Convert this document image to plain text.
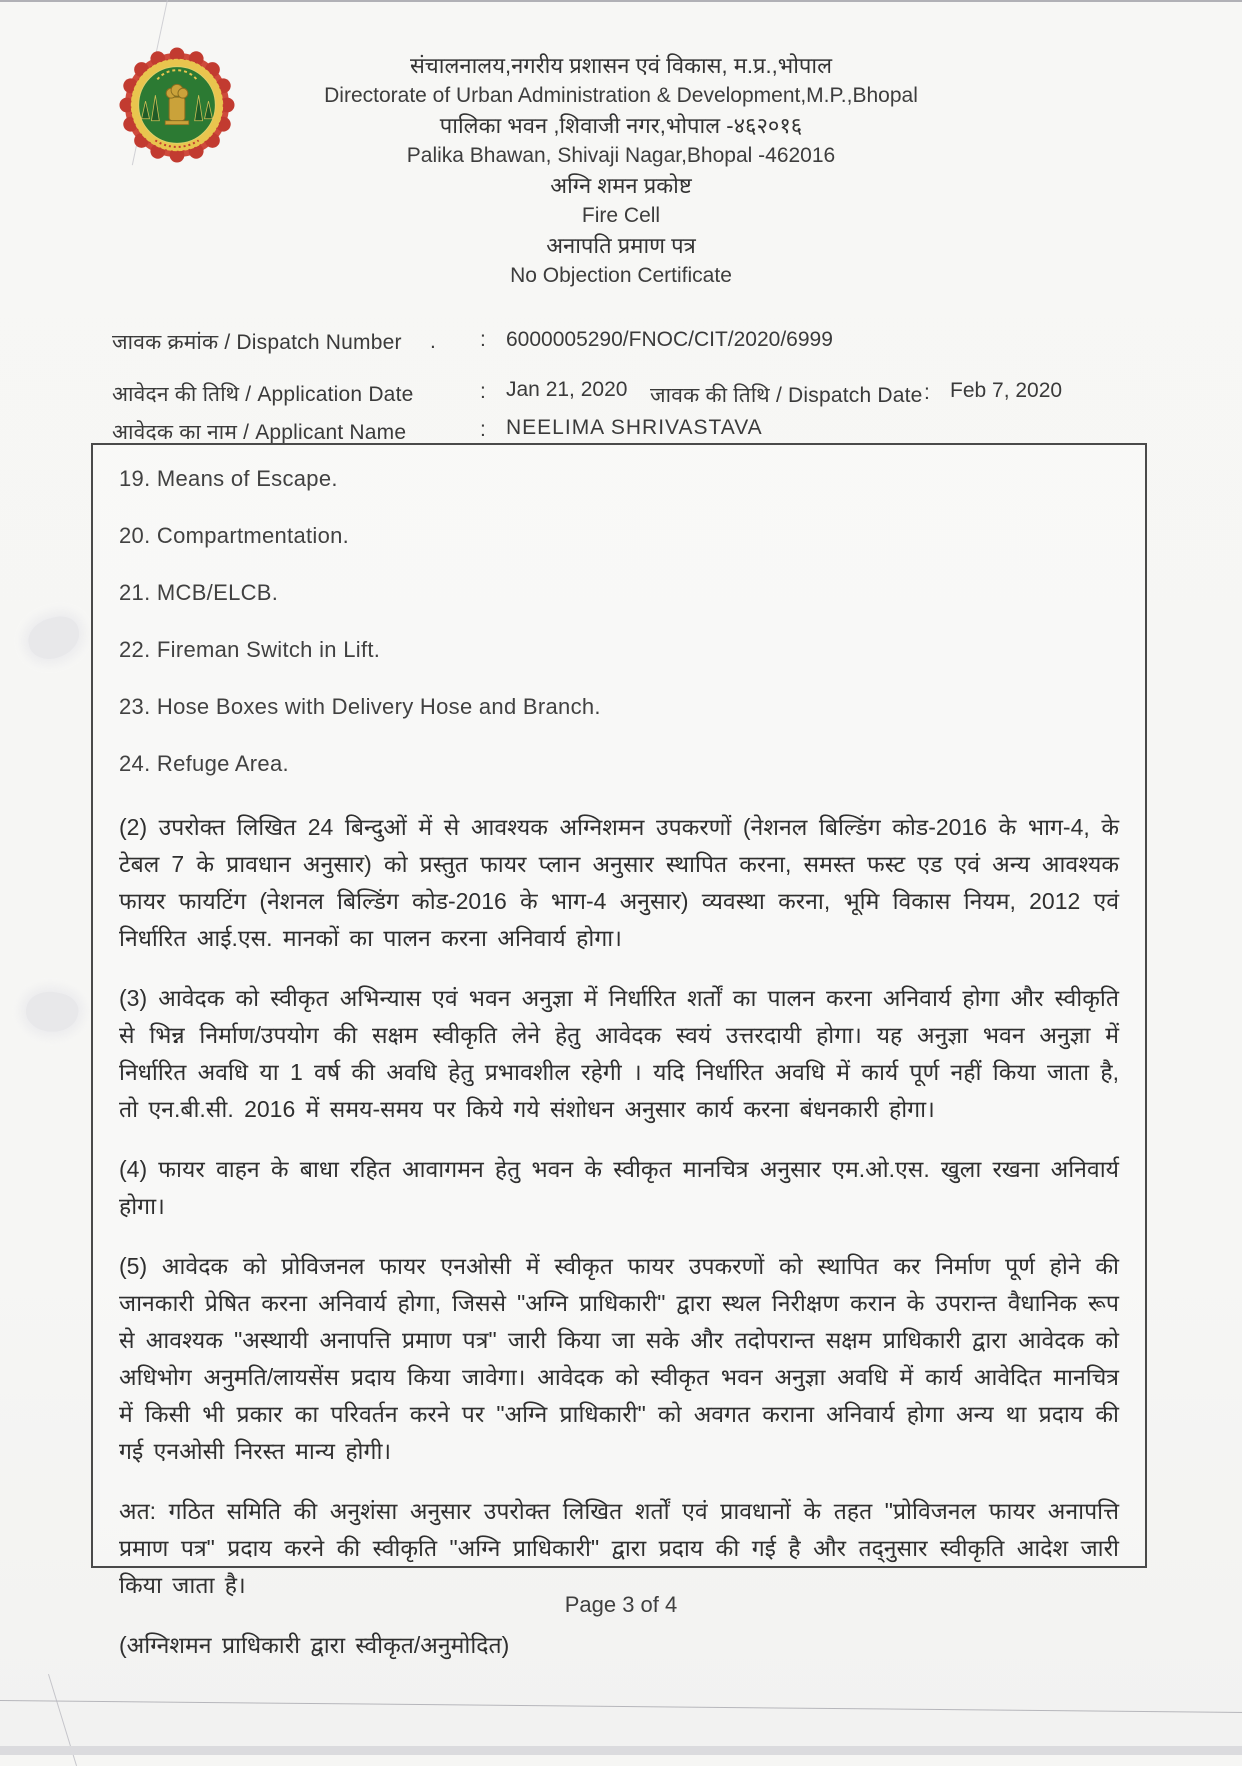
संचालनालय,नगरीय प्रशासन एवं विकास, म.प्र.,भोपाल
Directorate of Urban Administration & Development,M.P.,Bhopal
पालिका भवन ,शिवाजी नगर,भोपाल -४६२०१६
Palika Bhawan, Shivaji Nagar,Bhopal -462016
अग्नि शमन प्रकोष्ट
Fire Cell
अनापति प्रमाण पत्र
No Objection Certificate
जावक क्रमांक / Dispatch Number . : 6000005290/FNOC/CIT/2020/6999
आवेदन की तिथि / Application Date	: Jan 21, 2020 जावक की तिथि / Dispatch Date : Feb 7, 2020
आवेदक का नाम / Applicant Name	: NEELIMA SHRIVASTAVA
19. Means of Escape.
20. Compartmentation.
21. MCB/ELCB.
22. Fireman Switch in Lift.
23. Hose Boxes with Delivery Hose and Branch.
24. Refuge Area.

(2) उपरोक्त लिखित 24 बिन्दुओं में से आवश्यक अग्निशमन उपकरणों (नेशनल बिल्डिंग कोड-2016 के भाग-4, के टेबल 7 के प्रावधान अनुसार) को प्रस्तुत फायर प्लान अनुसार स्थापित करना, समस्त फस्ट एड एवं अन्य आवश्यक फायर फायटिंग (नेशनल बिल्डिंग कोड-2016 के भाग-4 अनुसार) व्यवस्था करना, भूमि विकास नियम, 2012 एवं निर्धारित आई.एस. मानकों का पालन करना अनिवार्य होगा।

(3) आवेदक को स्वीकृत अभिन्यास एवं भवन अनुज्ञा में निर्धारित शर्तों का पालन करना अनिवार्य होगा और स्वीकृति से भिन्न निर्माण/उपयोग की सक्षम स्वीकृति लेने हेतु आवेदक स्वयं उत्तरदायी होगा। यह अनुज्ञा भवन अनुज्ञा में निर्धारित अवधि या 1 वर्ष की अवधि हेतु प्रभावशील रहेगी । यदि निर्धारित अवधि में कार्य पूर्ण नहीं किया जाता है, तो एन.बी.सी. 2016 में समय-समय पर किये गये संशोधन अनुसार कार्य करना बंधनकारी होगा।

(4) फायर वाहन के बाधा रहित आवागमन हेतु भवन के स्वीकृत मानचित्र अनुसार एम.ओ.एस. खुला रखना अनिवार्य होगा।

(5) आवेदक को प्रोविजनल फायर एनओसी में स्वीकृत फायर उपकरणों को स्थापित कर निर्माण पूर्ण होने की जानकारी प्रेषित करना अनिवार्य होगा, जिससे "अग्नि प्राधिकारी" द्वारा स्थल निरीक्षण करान के उपरान्त वैधानिक रूप से आवश्यक "अस्थायी अनापत्ति प्रमाण पत्र" जारी किया जा सके और तदोपरान्त सक्षम प्राधिकारी द्वारा आवेदक को अधिभोग अनुमति/लायसेंस प्रदाय किया जावेगा। आवेदक को स्वीकृत भवन अनुज्ञा अवधि में कार्य आवेदित मानचित्र में किसी भी प्रकार का परिवर्तन करने पर "अग्नि प्राधिकारी" को अवगत कराना अनिवार्य होगा अन्य था प्रदाय की गई एनओसी निरस्त मान्य होगी।

अत: गठित समिति की अनुशंसा अनुसार उपरोक्त लिखित शर्तों एवं प्रावधानों के तहत "प्रोविजनल फायर अनापत्ति प्रमाण पत्र" प्रदाय करने की स्वीकृति "अग्नि प्राधिकारी" द्वारा प्रदाय की गई है और तद्नुसार स्वीकृति आदेश जारी किया जाता है।

(अग्निशमन प्राधिकारी द्वारा स्वीकृत/अनुमोदित)

Page 3 of 4
